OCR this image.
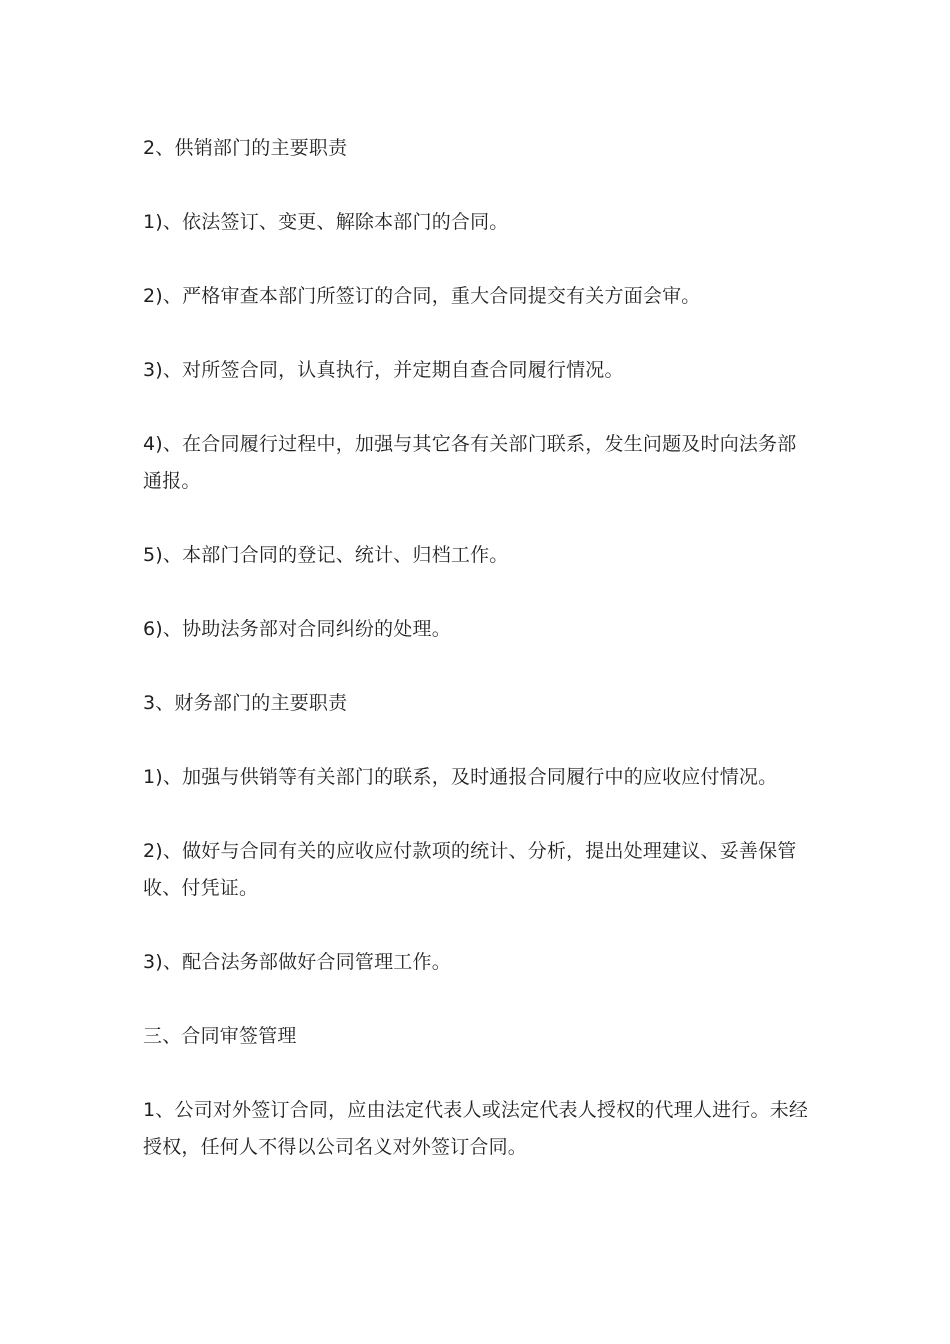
2、供销部门的主要职责

1)、依法签订、变更、解除本部门的合同。

2)、严格审查本部门所签订的合同，重大合同提交有关方面会审。

3)、对所签合同，认真执行，并定期自查合同履行情况。

4)、在合同履行过程中，加强与其它各有关部门联系，发生问题及时向法务部通报。

5)、本部门合同的登记、统计、归档工作。

6)、协助法务部对合同纠纷的处理。

3、财务部门的主要职责

1)、加强与供销等有关部门的联系，及时通报合同履行中的应收应付情况。

2)、做好与合同有关的应收应付款项的统计、分析，提出处理建议、妥善保管收、付凭证。

3)、配合法务部做好合同管理工作。

三、合同审签管理

1、公司对外签订合同，应由法定代表人或法定代表人授权的代理人进行。未经授权，任何人不得以公司名义对外签订合同。
